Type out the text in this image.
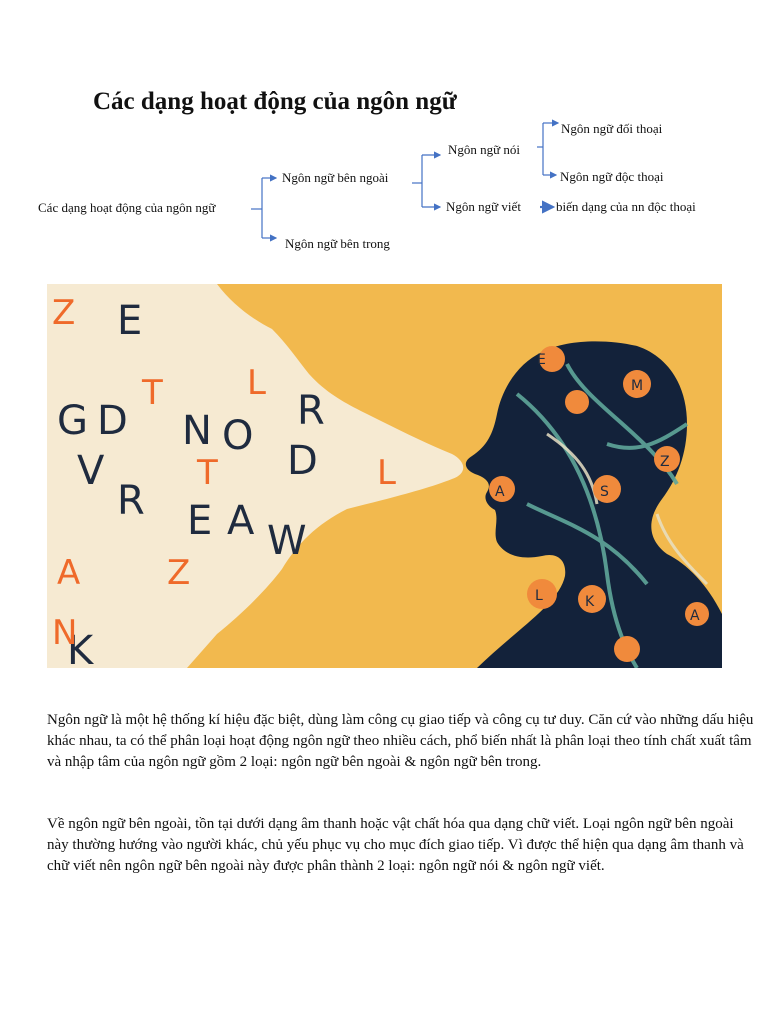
Các dạng hoạt động của ngôn ngữ
Các dạng hoạt động của ngôn ngữ
Ngôn ngữ bên ngoài
Ngôn ngữ bên trong
Ngôn ngữ nói
Ngôn ngữ viết
Ngôn ngữ đối thoại
Ngôn ngữ độc thoại
biến dạng của nn độc thoại
E
G D N O
R
R E A W
K
D
V
Z
T L
A	Z
T	L
N
E
M
Z
S
A
L	K
A

Ngôn ngữ là một hệ thống kí hiệu đặc biệt, dùng làm công cụ giao tiếp và công cụ tư duy. Căn cứ vào những dấu hiệu khác nhau, ta có thể phân loại hoạt động ngôn ngữ theo nhiều cách, phổ biến nhất là phân loại theo tính chất xuất tâm và nhập tâm của ngôn ngữ gồm 2 loại: ngôn ngữ bên ngoài & ngôn ngữ bên trong.

Về ngôn ngữ bên ngoài, tồn tại dưới dạng âm thanh hoặc vật chất hóa qua dạng chữ viết. Loại ngôn ngữ bên ngoài này thường hướng vào người khác, chủ yếu phục vụ cho mục đích giao tiếp. Vì được thể hiện qua dạng âm thanh và chữ viết nên ngôn ngữ bên ngoài này được phân thành 2 loại: ngôn ngữ nói & ngôn ngữ viết.
